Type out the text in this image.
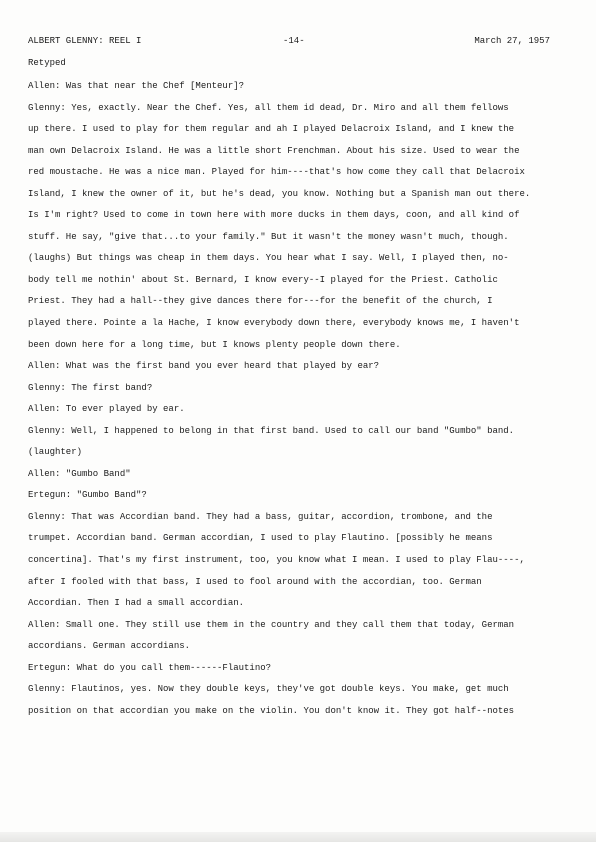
ALBERT GLENNY: REEL I	-14-	March 27, 1957
Retyped
Allen: Was that near the Chef [Menteur]?
Glenny: Yes, exactly. Near the Chef. Yes, all them id dead, Dr. Miro and all them fellows
up there. I used to play for them regular and ah I played Delacroix Island, and I knew the
man own Delacroix Island. He was a little short Frenchman. About his size. Used to wear the
red moustache. He was a nice man. Played for him----that's how come they call that Delacroix
Island, I knew the owner of it, but he's dead, you know. Nothing but a Spanish man out there.
Is I'm right? Used to come in town here with more ducks in them days, coon, and all kind of
stuff. He say, "give that...to your family." But it wasn't the money wasn't much, though.
(laughs) But things was cheap in them days. You hear what I say. Well, I played then, no-
body tell me nothin' about St. Bernard, I know every--I played for the Priest. Catholic
Priest. They had a hall--they give dances there for---for the benefit of the church, I
played there. Pointe a la Hache, I know everybody down there, everybody knows me, I haven't
been down here for a long time, but I knows plenty people down there.
Allen: What was the first band you ever heard that played by ear?
Glenny: The first band?
Allen: To ever played by ear.
Glenny: Well, I happened to belong in that first band. Used to call our band "Gumbo" band.
(laughter)
Allen: "Gumbo Band"
Ertegun: "Gumbo Band"?
Glenny: That was Accordian band. They had a bass, guitar, accordion, trombone, and the
trumpet. Accordian band. German accordian, I used to play Flautino. [possibly he means
concertina]. That's my first instrument, too, you know what I mean. I used to play Flau----,
after I fooled with that bass, I used to fool around with the accordian, too. German
Accordian. Then I had a small accordian.
Allen: Small one. They still use them in the country and they call them that today, German
accordians. German accordians.
Ertegun: What do you call them------Flautino?
Glenny: Flautinos, yes. Now they double keys, they've got double keys. You make, get much
position on that accordian you make on the violin. You don't know it. They got half--notes
